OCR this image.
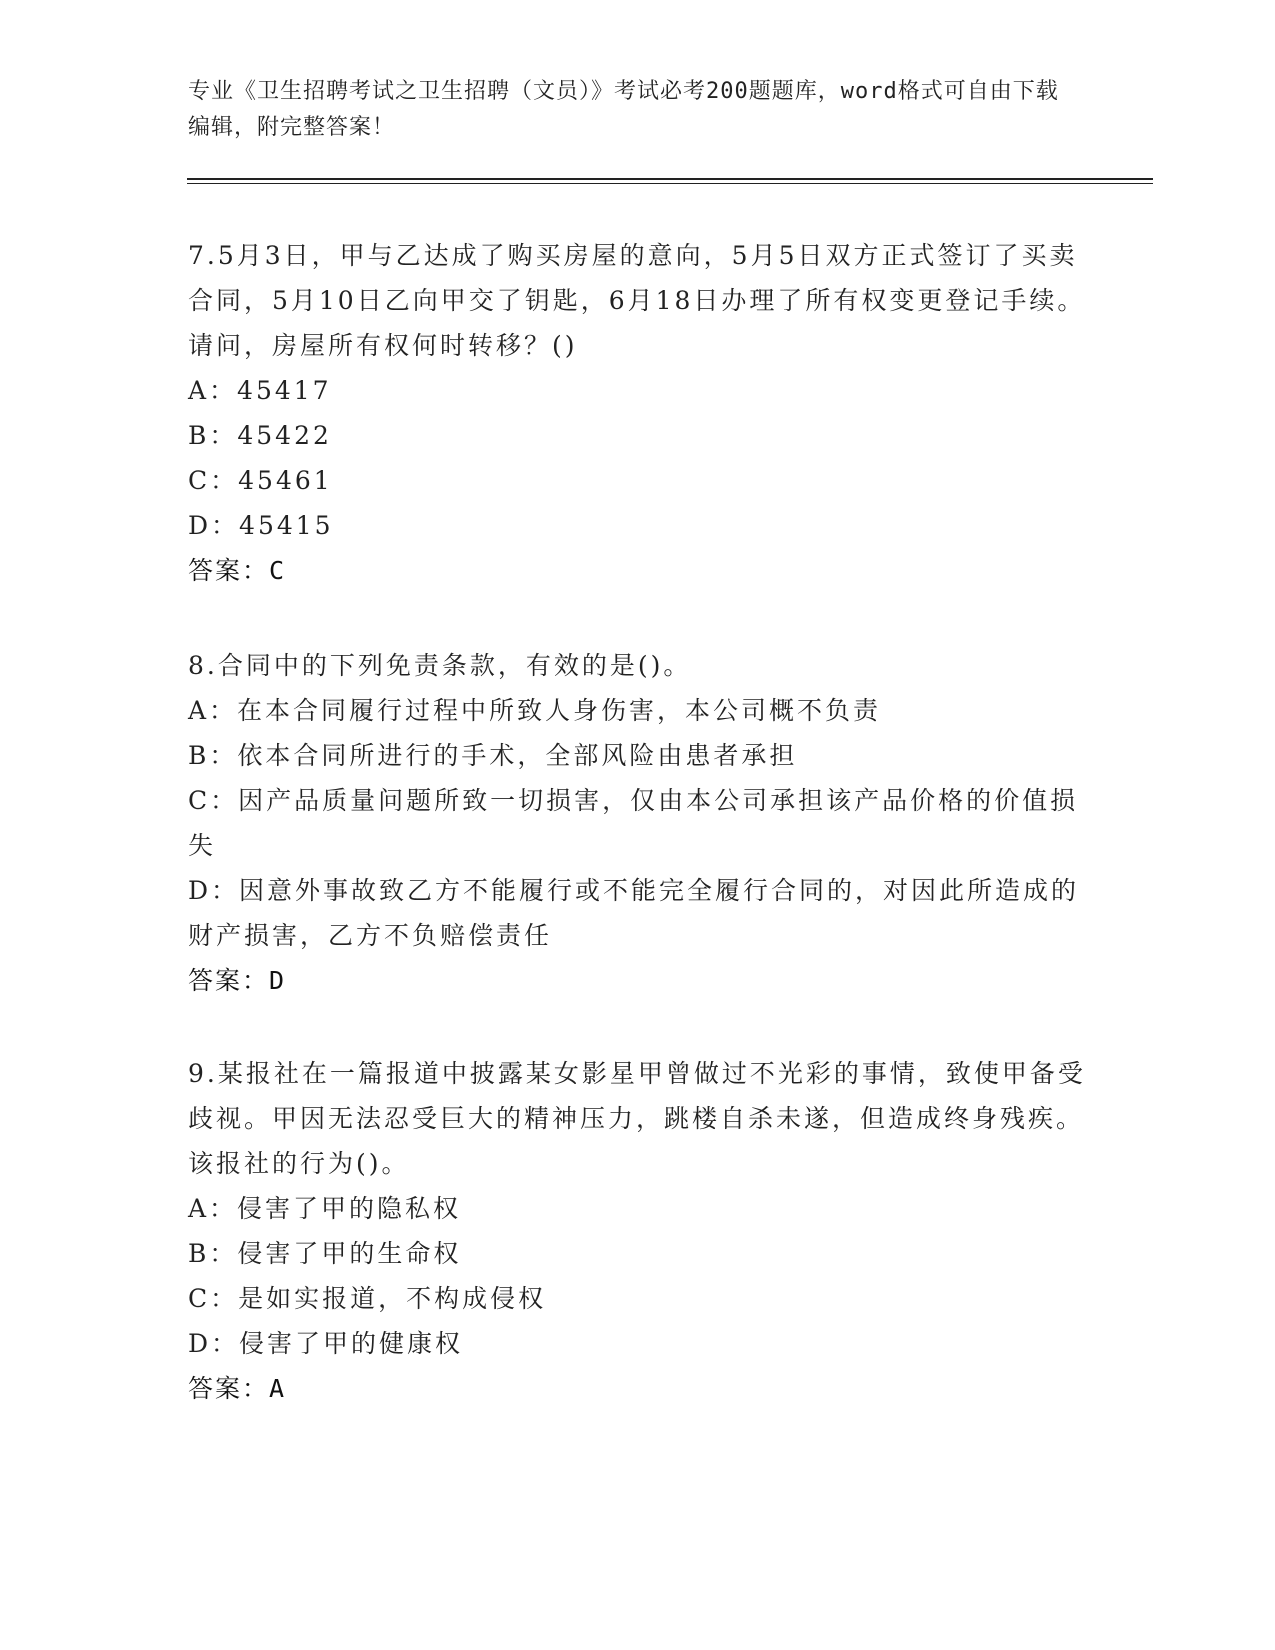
专业《卫生招聘考试之卫生招聘（文员）》考试必考200题题库，word格式可自由下载编辑，附完整答案！

7.5月3日，甲与乙达成了购买房屋的意向，5月5日双方正式签订了买卖合同，5月10日乙向甲交了钥匙，6月18日办理了所有权变更登记手续。请问，房屋所有权何时转移？()

A：45417

B：45422

C：45461

D：45415

答案：C

8.合同中的下列免责条款，有效的是()。

A：在本合同履行过程中所致人身伤害，本公司概不负责

B：依本合同所进行的手术，全部风险由患者承担

C：因产品质量问题所致一切损害，仅由本公司承担该产品价格的价值损失

D：因意外事故致乙方不能履行或不能完全履行合同的，对因此所造成的财产损害，乙方不负赔偿责任

答案：D

9.某报社在一篇报道中披露某女影星甲曾做过不光彩的事情，致使甲备受歧视。甲因无法忍受巨大的精神压力，跳楼自杀未遂，但造成终身残疾。该报社的行为()。

A：侵害了甲的隐私权

B：侵害了甲的生命权

C：是如实报道，不构成侵权

D：侵害了甲的健康权

答案：A
